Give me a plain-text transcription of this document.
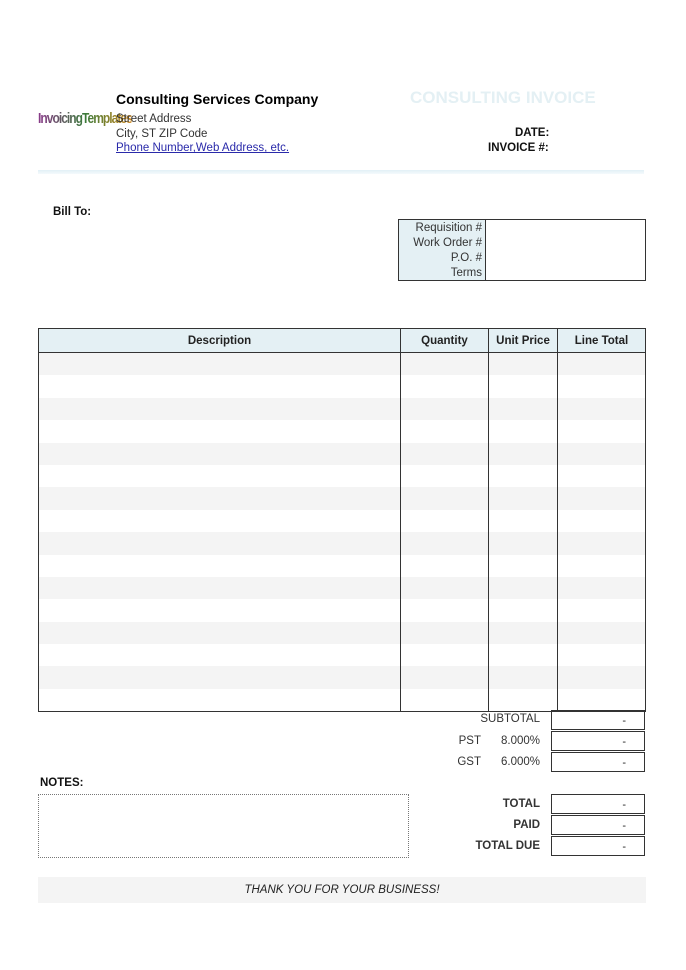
InvoicingTemplates
Consulting Services Company
Street Address
City, ST ZIP Code
Phone Number,Web Address, etc.
CONSULTING INVOICE
DATE:
INVOICE #:
Bill To:
Requisition #	
Work Order #	
P.O. #	
Terms	
Description	Quantity	Unit Price	Line Total

SUBTOTAL	-
PST	8.000%	-
GST	6.000%	-
NOTES:
TOTAL	-
PAID	-
TOTAL DUE	-
THANK YOU FOR YOUR BUSINESS!
